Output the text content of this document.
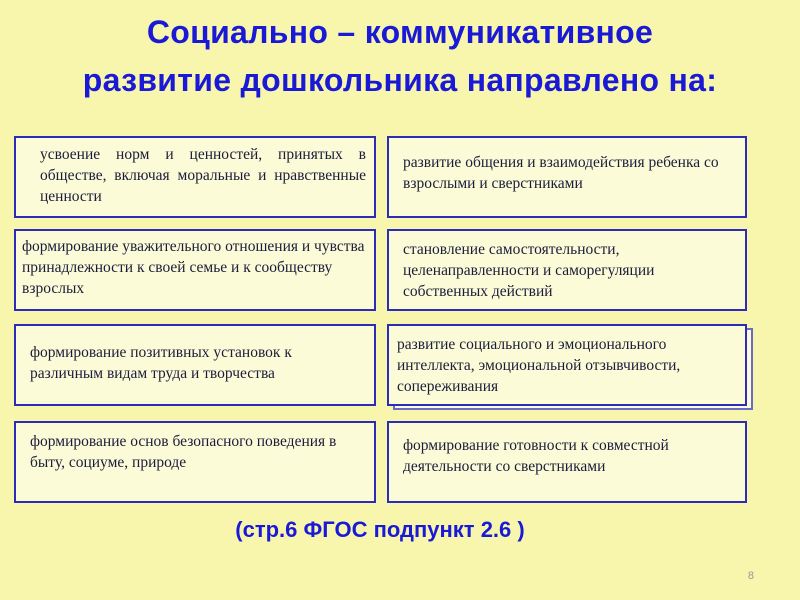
Социально – коммуникативное
развитие дошкольника направлено на:

усвоение норм и ценностей, принятых в обществе, включая моральные и нравственные ценности

развитие общения и взаимодействия ребенка со взрослыми и сверстниками

формирование уважительного отношения и чувства принадлежности к своей семье и к сообществу взрослых

становление самостоятельности, целенаправленности и саморегуляции собственных действий

формирование позитивных установок к различным видам труда и творчества

развитие социального и эмоционального интеллекта, эмоциональной отзывчивости, сопереживания

формирование основ безопасного поведения в быту, социуме, природе

формирование готовности к совместной деятельности со сверстниками

(стр.6 ФГОС подпункт 2.6 )
8
